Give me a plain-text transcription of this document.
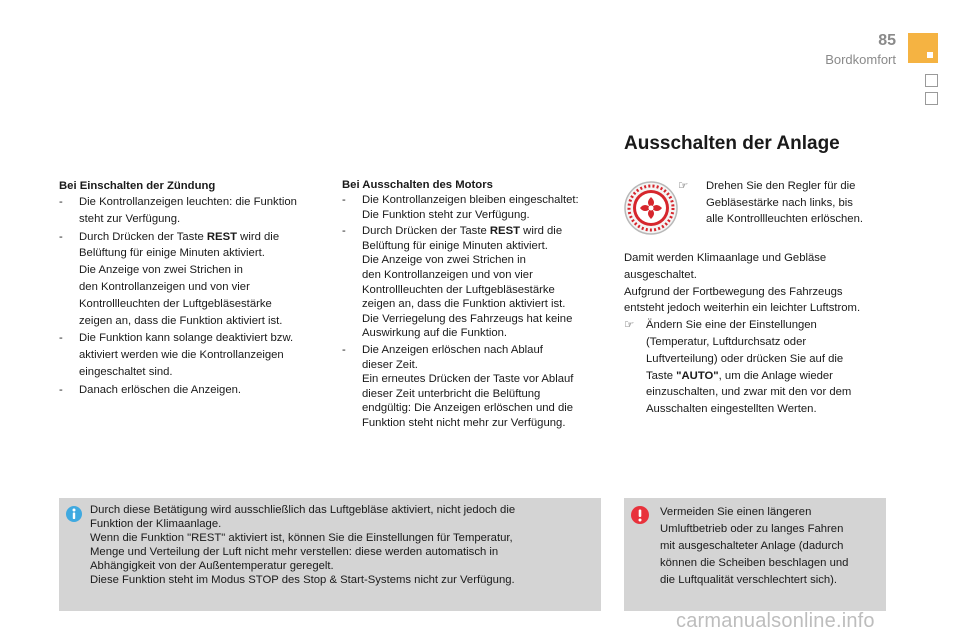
85
Bordkomfort
Bei Einschalten der Zündung
- Die Kontrollanzeigen leuchten: die Funktion

steht zur Verfügung.

- Durch Drücken der Taste REST wird die

Belüftung für einige Minuten aktiviert.

Die Anzeige von zwei Strichen in

den Kontrollanzeigen und von vier

Kontrollleuchten der Luftgebläsestärke

zeigen an, dass die Funktion aktiviert ist.

- Die Funktion kann solange deaktiviert bzw.

aktiviert werden wie die Kontrollanzeigen

eingeschaltet sind.

- Danach erlöschen die Anzeigen.

Bei Ausschalten des Motors
- Die Kontrollanzeigen bleiben eingeschaltet:

Die Funktion steht zur Verfügung.

- Durch Drücken der Taste REST wird die

Belüftung für einige Minuten aktiviert.

Die Anzeige von zwei Strichen in

den Kontrollanzeigen und von vier

Kontrollleuchten der Luftgebläsestärke

zeigen an, dass die Funktion aktiviert ist.

Die Verriegelung des Fahrzeugs hat keine

Auswirkung auf die Funktion.

- Die Anzeigen erlöschen nach Ablauf

dieser Zeit.

Ein erneutes Drücken der Taste vor Ablauf

dieser Zeit unterbricht die Belüftung

endgültig: Die Anzeigen erlöschen und die

Funktion steht nicht mehr zur Verfügung.

Ausschalten der Anlage
☞ Drehen Sie den Regler für die
Gebläsestärke nach links, bis
alle Kontrollleuchten erlöschen.

Damit werden Klimaanlage und Gebläse

ausgeschaltet.

Aufgrund der Fortbewegung des Fahrzeugs

entsteht jedoch weiterhin ein leichter Luftstrom.

☞ Ändern Sie eine der Einstellungen

(Temperatur, Luftdurchsatz oder

Luftverteilung) oder drücken Sie auf die

Taste "AUTO", um die Anlage wieder

einzuschalten, und zwar mit den vor dem

Ausschalten eingestellten Werten.

Durch diese Betätigung wird ausschließlich das Luftgebläse aktiviert, nicht jedoch die

Funktion der Klimaanlage.

Wenn die Funktion "REST" aktiviert ist, können Sie die Einstellungen für Temperatur,

Menge und Verteilung der Luft nicht mehr verstellen: diese werden automatisch in

Abhängigkeit von der Außentemperatur geregelt.

Diese Funktion steht im Modus STOP des Stop & Start-Systems nicht zur Verfügung.

Vermeiden Sie einen längeren
Umluftbetrieb oder zu langes Fahren
mit ausgeschalteter Anlage (dadurch
können die Scheiben beschlagen und
die Luftqualität verschlechtert sich).
carmanualsonline.info
